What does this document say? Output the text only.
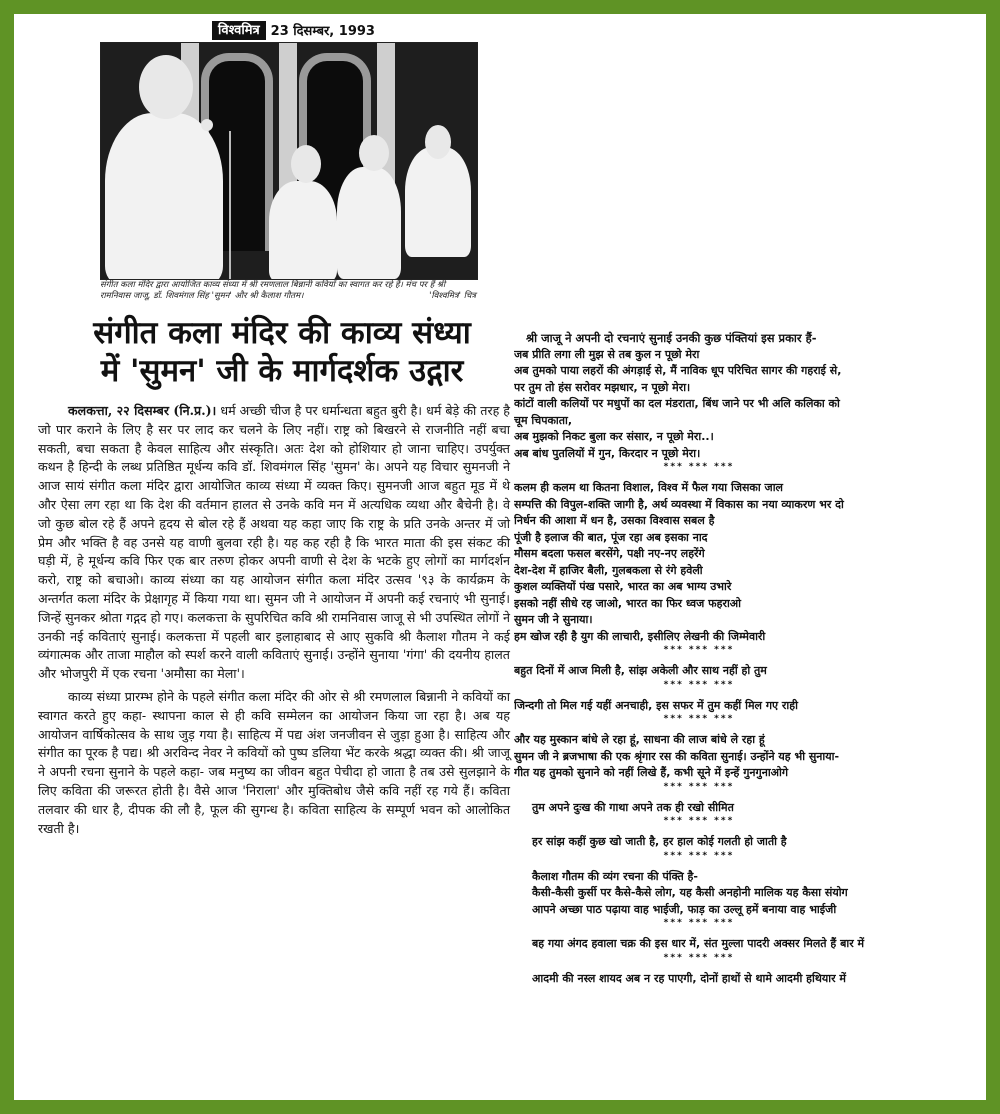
विश्वमित्र 23 दिसम्बर, 1993
संगीत कला मंदिर द्वारा आयोजित काव्य संध्या में श्री रमणलाल बिन्नानी कवियों का स्वागत कर रहे हैं। मंच पर हैं श्री रामनिवास जाजू, डॉ. शिवमंगल सिंह 'सुमन' और श्री कैलाश गौतम।	'विश्वमित्र' चित्र
संगीत कला मंदिर की काव्य संध्या
में 'सुमन' जी के मार्गदर्शक उद्गार

कलकत्ता, २२ दिसम्बर (नि.प्र.)। धर्म अच्छी चीज है पर धर्मान्धता बहुत बुरी है। धर्म बेड़े की तरह है जो पार कराने के लिए है सर पर लाद कर चलने के लिए नहीं। राष्ट्र को बिखरने से राजनीति नहीं बचा सकती, बचा सकता है केवल साहित्य और संस्कृति। अतः देश को होशियार हो जाना चाहिए। उपर्युक्त कथन है हिन्दी के लब्ध प्रतिष्ठित मूर्धन्य कवि डॉ. शिवमंगल सिंह 'सुमन' के। अपने यह विचार सुमनजी ने आज सायं संगीत कला मंदिर द्वारा आयोजित काव्य संध्या में व्यक्त किए। सुमनजी आज बहुत मूड में थे और ऐसा लग रहा था कि देश की वर्तमान हालत से उनके कवि मन में अत्यधिक व्यथा और बैचेनी है। वे जो कुछ बोल रहे हैं अपने हृदय से बोल रहे हैं अथवा यह कहा जाए कि राष्ट्र के प्रति उनके अन्तर में जो प्रेम और भक्ति है वह उनसे यह वाणी बुलवा रही है। यह कह रही है कि भारत माता की इस संकट की घड़ी में, हे मूर्धन्य कवि फिर एक बार तरुण होकर अपनी वाणी से देश के भटके हुए लोगों का मार्गदर्शन करो, राष्ट्र को बचाओ। काव्य संध्या का यह आयोजन संगीत कला मंदिर उत्सव '९३ के कार्यक्रम के अन्तर्गत कला मंदिर के प्रेक्षागृह में किया गया था। सुमन जी ने आयोजन में अपनी कई रचनाएं भी सुनाई। जिन्हें सुनकर श्रोता गद्गद हो गए। कलकत्ता के सुपरिचित कवि श्री रामनिवास जाजू से भी उपस्थित लोगों ने उनकी नई कविताएं सुनाई। कलकत्ता में पहली बार इलाहाबाद से आए सुकवि श्री कैलाश गौतम ने कई व्यंगात्मक और ताजा माहौल को स्पर्श करने वाली कविताएं सुनाई। उन्होंने सुनाया 'गंगा' की दयनीय हालत और भोजपुरी में एक रचना 'अमौसा का मेला'।

काव्य संध्या प्रारम्भ होने के पहले संगीत कला मंदिर की ओर से श्री रमणलाल बिन्नानी ने कवियों का स्वागत करते हुए कहा- स्थापना काल से ही कवि सम्मेलन का आयोजन किया जा रहा है। अब यह आयोजन वार्षिकोत्सव के साथ जुड़ गया है। साहित्य में पद्य अंश जनजीवन से जुड़ा हुआ है। साहित्य और संगीत का पूरक है पद्य। श्री अरविन्द नेवर ने कवियों को पुष्प डलिया भेंट करके श्रद्धा व्यक्त की। श्री जाजू ने अपनी रचना सुनाने के पहले कहा- जब मनुष्य का जीवन बहुत पेचीदा हो जाता है तब उसे सुलझाने के लिए कविता की जरूरत होती है। वैसे आज 'निराला' और मुक्तिबोध जैसे कवि नहीं रह गये हैं। कविता तलवार की धार है, दीपक की लौ है, फूल की सुगन्ध है। कविता साहित्य के सम्पूर्ण भवन को आलोकित रखती है।

श्री जाजू ने अपनी दो रचनाएं सुनाई उनकी कुछ पंक्तियां इस प्रकार हैं-
जब प्रीति लगा ली मुझ से तब कुल न पूछो मेरा
अब तुमको पाया लहरों की अंगड़ाई से, मैं नाविक धूप परिचित सागर की गहराई से,
पर तुम तो हंस सरोवर मझधार, न पूछो मेरा।
कांटों वाली कलियों पर मधुपों का दल मंडराता, बिंध जाने पर भी अलि कलिका को
चूम चिपकाता,
अब मुझको निकट बुला कर संसार, न पूछो मेरा..।
अब बांध पुतलियों में गुन, किरदार न पूछो मेरा।
*** *** ***
कलम ही कलम था कितना विशाल, विश्व में फैल गया जिसका जाल
सम्पत्ति की विपुल-शक्ति जागी है, अर्थ व्यवस्था में विकास का नया व्याकरण भर दो
निर्धन की आशा में धन है, उसका विश्वास सबल है
पूंजी है इलाज की बात, पूंज रहा अब इसका नाद
मौसम बदला फसल बरसेंगे, पक्षी नए-नए लहरेंगे
देश-देश में हाजिर बैली, गुलबकला से रंगे हवेली
कुशल व्यक्तियों पंख पसारे, भारत का अब भाग्य उभारे
इसको नहीं सीधे रह जाओ, भारत का फिर ध्वज फहराओ
सुमन जी ने सुनाया।
हम खोज रही है युग की लाचारी, इसीलिए लेखनी की जिम्मेवारी
*** *** ***
बहुत दिनों में आज मिली है, सांझ अकेली और साथ नहीं हो तुम
*** *** ***
जिन्दगी तो मिल गई यहीं अनचाही, इस सफर में तुम कहीं मिल गए राही
*** *** ***
और यह मुस्कान बांधे ले रहा हूं, साधना की लाज बांधे ले रहा हूं
सुमन जी ने ब्रजभाषा की एक श्रृंगार रस की कविता सुनाई। उन्होंने यह भी सुनाया-
गीत यह तुमको सुनाने को नहीं लिखे हैं, कभी सूने में इन्हें गुनगुनाओगे
*** *** ***
तुम अपने दुःख की गाथा अपने तक ही रखो सीमित
*** *** ***
हर सांझ कहीं कुछ खो जाती है, हर हाल कोई गलती हो जाती है
*** *** ***
कैलाश गौतम की व्यंग रचना की पंक्ति है-
कैसी-कैसी कुर्सी पर कैसे-कैसे लोग, यह कैसी अनहोनी मालिक यह कैसा संयोग
आपने अच्छा पाठ पढ़ाया वाह भाईजी, फाड़ का उल्लू हमें बनाया वाह भाईजी
*** *** ***
बह गया अंगद हवाला चक्र की इस धार में, संत मुल्ला पादरी अक्सर मिलते हैं बार में
*** *** ***
आदमी की नस्ल शायद अब न रह पाएगी, दोनों हाथों से थामे आदमी हथियार में
